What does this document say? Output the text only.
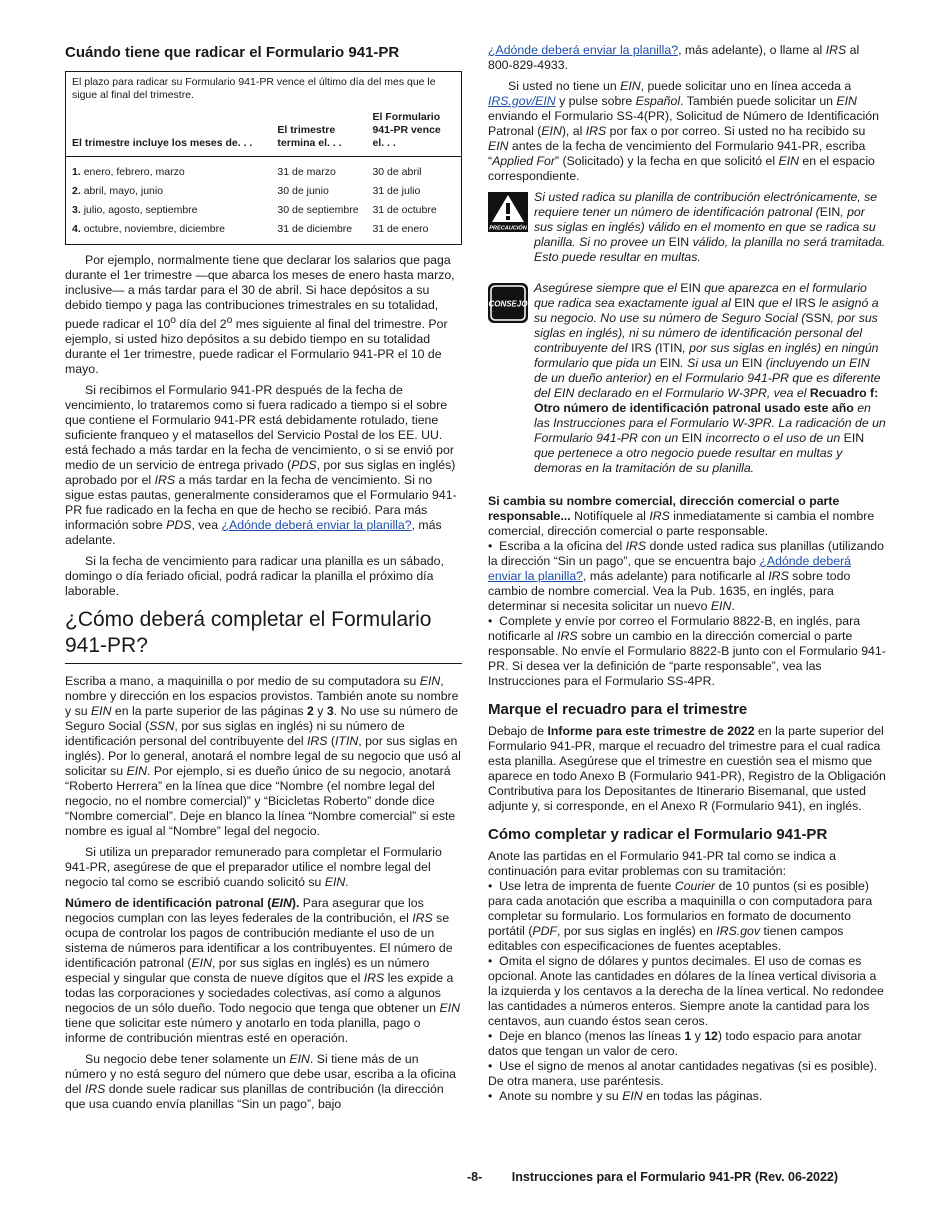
Cuándo tiene que radicar el Formulario 941-PR
El plazo para radicar su Formulario 941-PR vence el último día del mes que le sigue al final del trimestre.		
El trimestre incluye los meses de. . .	El trimestre termina el. . .	El Formulario 941-PR vence el. . .
1. enero, febrero, marzo	31 de marzo	30 de abril
2. abril, mayo, junio	30 de junio	31 de julio
3. julio, agosto, septiembre	30 de septiembre	31 de octubre
4. octubre, noviembre, diciembre	31 de diciembre	31 de enero

Por ejemplo, normalmente tiene que declarar los salarios que paga durante el 1er trimestre —que abarca los meses de enero hasta marzo, inclusive— a más tardar para el 30 de abril. Si hace depósitos a su debido tiempo y paga las contribuciones trimestrales en su totalidad, puede radicar el 10$^o$ día del 2$^o$ mes siguiente al final del trimestre. Por ejemplo, si usted hizo depósitos a su debido tiempo en su totalidad durante el 1er trimestre, puede radicar el Formulario 941-PR el 10 de mayo.

Si recibimos el Formulario 941-PR después de la fecha de vencimiento, lo trataremos como si fuera radicado a tiempo si el sobre que contiene el Formulario 941-PR está debidamente rotulado, tiene suficiente franqueo y el matasellos del Servicio Postal de los EE. UU. está fechado a más tardar en la fecha de vencimiento, o si se envió por medio de un servicio de entrega privado (PDS, por sus siglas en inglés) aprobado por el IRS a más tardar en la fecha de vencimiento. Si no sigue estas pautas, generalmente consideramos que el Formulario 941-PR fue radicado en la fecha en que de hecho se recibió. Para más información sobre PDS, vea ¿Adónde deberá enviar la planilla?, más adelante.

Si la fecha de vencimiento para radicar una planilla es un sábado, domingo o día feriado oficial, podrá radicar la planilla el próximo día laborable.

¿Cómo deberá completar el Formulario 941-PR?

Escriba a mano, a maquinilla o por medio de su computadora su EIN, nombre y dirección en los espacios provistos. También anote su nombre y su EIN en la parte superior de las páginas 2 y 3. No use su número de Seguro Social (SSN, por sus siglas en inglés) ni su número de identificación personal del contribuyente del IRS (ITIN, por sus siglas en inglés). Por lo general, anotará el nombre legal de su negocio que usó al solicitar su EIN. Por ejemplo, si es dueño único de su negocio, anotará “Roberto Herrera” en la línea que dice “Nombre (el nombre legal del negocio, no el nombre comercial)” y “Bicicletas Roberto” donde dice “Nombre comercial”. Deje en blanco la línea “Nombre comercial” si este nombre es igual al “Nombre” legal del negocio.

Si utiliza un preparador remunerado para completar el Formulario 941-PR, asegúrese de que el preparador utilice el nombre legal del negocio tal como se escribió cuando solicitó su EIN.

Número de identificación patronal (EIN). Para asegurar que los negocios cumplan con las leyes federales de la contribución, el IRS se ocupa de controlar los pagos de contribución mediante el uso de un sistema de números para identificar a los contribuyentes. El número de identificación patronal (EIN, por sus siglas en inglés) es un número especial y singular que consta de nueve dígitos que el IRS les expide a todas las corporaciones y sociedades colectivas, así como a algunos negocios de un sólo dueño. Todo negocio que tenga que obtener un EIN tiene que solicitar este número y anotarlo en toda planilla, pago o informe de contribución mientras esté en operación.

Su negocio debe tener solamente un EIN. Si tiene más de un número y no está seguro del número que debe usar, escriba a la oficina del IRS donde suele radicar sus planillas de contribución (la dirección que usa cuando envía planillas “Sin un pago”, bajo

¿Adónde deberá enviar la planilla?, más adelante), o llame al IRS al 800-829-4933.

Si usted no tiene un EIN, puede solicitar uno en línea acceda a IRS.gov/EIN y pulse sobre Español. También puede solicitar un EIN enviando el Formulario SS-4(PR), Solicitud de Número de Identificación Patronal (EIN), al IRS por fax o por correo. Si usted no ha recibido su EIN antes de la fecha de vencimiento del Formulario 941-PR, escriba “Applied For” (Solicitado) y la fecha en que solicitó el EIN en el espacio correspondiente.

PRECAUCIÓN
Si usted radica su planilla de contribución electrónicamente, se requiere tener un número de identificación patronal (EIN, por sus siglas en inglés) válido en el momento en que se radica su planilla. Si no provee un EIN válido, la planilla no será tramitada. Esto puede resultar en multas.
CONSEJO
Asegúrese siempre que el EIN que aparezca en el formulario que radica sea exactamente igual al EIN que el IRS le asignó a su negocio. No use su número de Seguro Social (SSN, por sus siglas en inglés), ni su número de identificación personal del contribuyente del IRS (ITIN, por sus siglas en inglés) en ningún formulario que pida un EIN. Si usa un EIN (incluyendo un EIN de un dueño anterior) en el Formulario 941-PR que es diferente del EIN declarado en el Formulario W-3PR, vea el Recuadro f: Otro número de identificación patronal usado este año en las Instrucciones para el Formulario W-3PR. La radicación de un Formulario 941-PR con un EIN incorrecto o el uso de un EIN que pertenece a otro negocio puede resultar en multas y demoras en la tramitación de su planilla.

Si cambia su nombre comercial, dirección comercial o parte responsable... Notifíquele al IRS inmediatamente si cambia el nombre comercial, dirección comercial o parte responsable.

•  Escriba a la oficina del IRS donde usted radica sus planillas (utilizando la dirección “Sin un pago”, que se encuentra bajo ¿Adónde deberá enviar la planilla?, más adelante) para notificarle al IRS sobre todo cambio de nombre comercial. Vea la Pub. 1635, en inglés, para determinar si necesita solicitar un nuevo EIN.

•  Complete y envíe por correo el Formulario 8822-B, en inglés, para notificarle al IRS sobre un cambio en la dirección comercial o parte responsable. No envíe el Formulario 8822-B junto con el Formulario 941-PR. Si desea ver la definición de “parte responsable”, vea las Instrucciones para el Formulario SS-4PR.

Marque el recuadro para el trimestre

Debajo de Informe para este trimestre de 2022 en la parte superior del Formulario 941-PR, marque el recuadro del trimestre para el cual radica esta planilla. Asegúrese que el trimestre en cuestión sea el mismo que aparece en todo Anexo B (Formulario 941-PR), Registro de la Obligación Contributiva para los Depositantes de Itinerario Bisemanal, que usted adjunte y, si corresponde, en el Anexo R (Formulario 941), en inglés.

Cómo completar y radicar el Formulario 941-PR

Anote las partidas en el Formulario 941-PR tal como se indica a continuación para evitar problemas con su tramitación:

•  Use letra de imprenta de fuente Courier de 10 puntos (si es posible) para cada anotación que escriba a maquinilla o con computadora para completar su formulario. Los formularios en formato de documento portátil (PDF, por sus siglas en inglés) en IRS.gov tienen campos editables con especificaciones de fuentes aceptables.

•  Omita el signo de dólares y puntos decimales. El uso de comas es opcional. Anote las cantidades en dólares de la línea vertical divisoria a la izquierda y los centavos a la derecha de la línea vertical. No redondee las cantidades a números enteros. Siempre anote la cantidad para los centavos, aun cuando éstos sean ceros.

•  Deje en blanco (menos las líneas 1 y 12) todo espacio para anotar datos que tengan un valor de cero.

•  Use el signo de menos al anotar cantidades negativas (si es posible). De otra manera, use paréntesis.

•  Anote su nombre y su EIN en todas las páginas.

-8- Instrucciones para el Formulario 941-PR (Rev. 06-2022)
